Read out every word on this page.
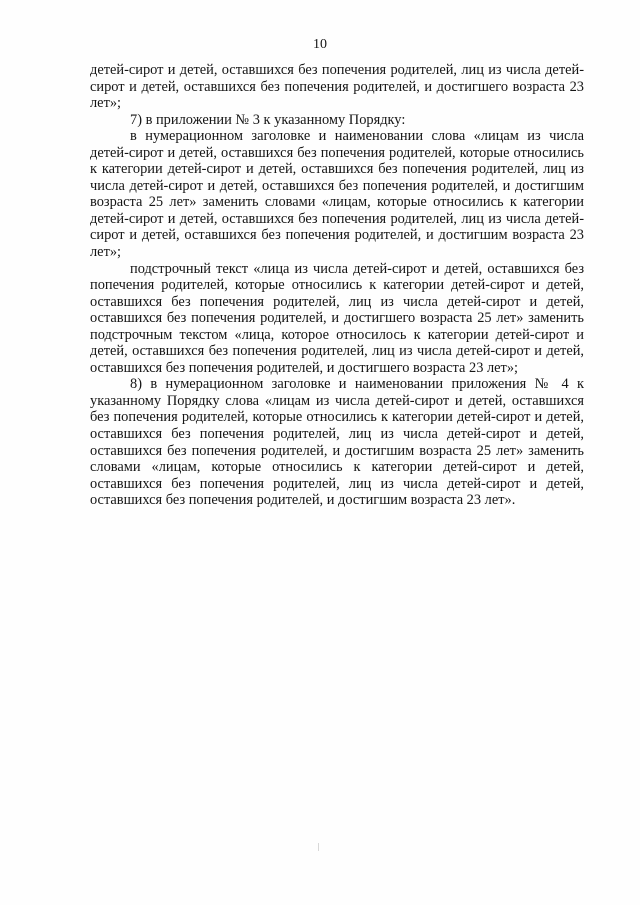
10

детей-сирот и детей, оставшихся без попечения родителей, лиц из числа детей-сирот и детей, оставшихся без попечения родителей, и достигшего возраста 23 лет»;

7) в приложении № 3 к указанному Порядку:

в нумерационном заголовке и наименовании слова «лицам из числа детей-сирот и детей, оставшихся без попечения родителей, которые относились к категории детей-сирот и детей, оставшихся без попечения родителей, лиц из числа детей-сирот и детей, оставшихся без попечения родителей, и достигшим возраста 25 лет» заменить словами «лицам, которые относились к категории детей-сирот и детей, оставшихся без попечения родителей, лиц из числа детей-сирот и детей, оставшихся без попечения родителей, и достигшим возраста 23 лет»;

подстрочный текст «лица из числа детей-сирот и детей, оставшихся без попечения родителей, которые относились к категории детей-сирот и детей, оставшихся без попечения родителей, лиц из числа детей-сирот и детей, оставшихся без попечения родителей, и достигшего возраста 25 лет» заменить подстрочным текстом «лица, которое относилось к категории детей-сирот и детей, оставшихся без попечения родителей, лиц из числа детей-сирот и детей, оставшихся без попечения родителей, и достигшего возраста 23 лет»;

8) в нумерационном заголовке и наименовании приложения № 4 к указанному Порядку слова «лицам из числа детей-сирот и детей, оставшихся без попечения родителей, которые относились к категории детей-сирот и детей, оставшихся без попечения родителей, лиц из числа детей-сирот и детей, оставшихся без попечения родителей, и достигшим возраста 25 лет» заменить словами «лицам, которые относились к категории детей-сирот и детей, оставшихся без попечения родителей, лиц из числа детей-сирот и детей, оставшихся без попечения родителей, и достигшим возраста 23 лет».
